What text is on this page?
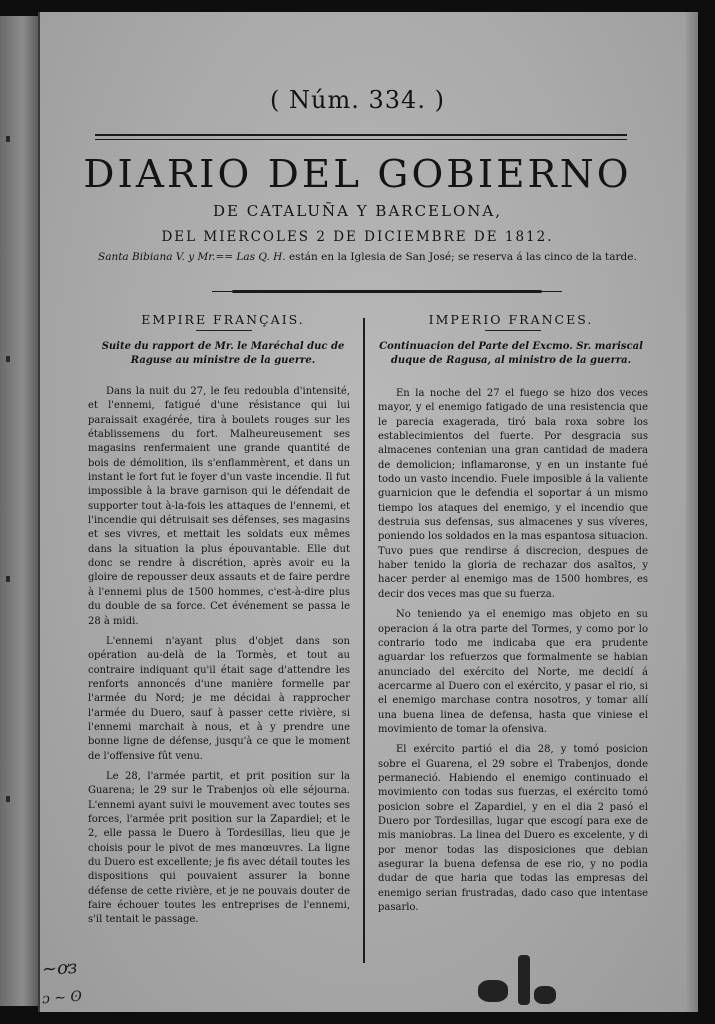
( Núm. 334. )
DIARIO DEL GOBIERNO
DE CATALUÑA Y BARCELONA,
DEL MIERCOLES 2 DE DICIEMBRE DE 1812.
Santa Bibiana V. y Mr.== Las Q. H. están en la Iglesia de San José; se reserva á las cinco de la tarde.
EMPIRE FRANÇAIS.	IMPERIO FRANCES.
Suite du rapport de Mr. le Maréchal duc de Raguse au ministre de la guerre.
Continuacion del Parte del Excmo. Sr. mariscal duque de Ragusa, al ministro de la guerra.

Dans la nuit du 27, le feu redoubla d'intensité, et l'ennemi, fatigué d'une résistance qui lui paraissait exagérée, tira à boulets rouges sur les établissemens du fort. Malheureusement ses magasins renfermaient une grande quantité de bois de démolition, ils s'enflammèrent, et dans un instant le fort fut le foyer d'un vaste incendie. Il fut impossible à la brave garnison qui le défendait de supporter tout à-la-fois les attaques de l'ennemi, et l'incendie qui détruisait ses défenses, ses magasins et ses vivres, et mettait les soldats eux mêmes dans la situation la plus épouvantable. Elle dut donc se rendre à discrétion, après avoir eu la gloire de repousser deux assauts et de faire perdre à l'ennemi plus de 1500 hommes, c'est-à-dire plus du double de sa force. Cet événement se passa le 28 à midi.

L'ennemi n'ayant plus d'objet dans son opération au-delà de la Tormès, et tout au contraire indiquant qu'il était sage d'attendre les renforts annoncés d'une manière formelle par l'armée du Nord; je me décidai à rapprocher l'armée du Duero, sauf à passer cette rivière, si l'ennemi marchait à nous, et à y prendre une bonne ligne de défense, jusqu'à ce que le moment de l'offensive fût venu.

Le 28, l'armée partit, et prit position sur la Guarena; le 29 sur le Trabenjos où elle séjourna. L'ennemi ayant suivi le mouvement avec toutes ses forces, l'armée prit position sur la Zapardiel; et le 2, elle passa le Duero à Tordesillas, lieu que je choisis pour le pivot de mes manœuvres. La ligne du Duero est excellente; je fis avec détail toutes les dispositions qui pouvaient assurer la bonne défense de cette rivière, et je ne pouvais douter de faire échouer toutes les entreprises de l'ennemi, s'il tentait le passage.

En la noche del 27 el fuego se hizo dos veces mayor, y el enemigo fatigado de una resistencia que le parecia exagerada, tiró bala roxa sobre los establecimientos del fuerte. Por desgracia sus almacenes contenian una gran cantidad de madera de demolicion; inflamaronse, y en un instante fué todo un vasto incendio. Fuele imposible á la valiente guarnicion que le defendia el soportar á un mismo tiempo los ataques del enemigo, y el incendio que destruia sus defensas, sus almacenes y sus víveres, poniendo los soldados en la mas espantosa situacion. Tuvo pues que rendirse á discrecion, despues de haber tenido la gloria de rechazar dos asaltos, y hacer perder al enemigo mas de 1500 hombres, es decir dos veces mas que su fuerza.

No teniendo ya el enemigo mas objeto en su operacion á la otra parte del Tormes, y como por lo contrario todo me indicaba que era prudente aguardar los refuerzos que formalmente se habian anunciado del exército del Norte, me decidí á acercarme al Duero con el exército, y pasar el rio, si el enemigo marchase contra nosotros, y tomar allí una buena linea de defensa, hasta que viniese el movimiento de tomar la ofensiva.

El exército partió el dia 28, y tomó posicion sobre el Guarena, el 29 sobre el Trabenjos, donde permaneció. Habiendo el enemigo continuado el movimiento con todas sus fuerzas, el exército tomó posicion sobre el Zapardiel, y en el dia 2 pasó el Duero por Tordesillas, lugar que escogí para exe de mis maniobras. La linea del Duero es excelente, y di por menor todas las disposiciones que debian asegurar la buena defensa de ese rio, y no podia dudar de que haria que todas las empresas del enemigo serian frustradas, dado caso que intentase pasarlo.

~ơɜ
ɔ ~ ʘ
